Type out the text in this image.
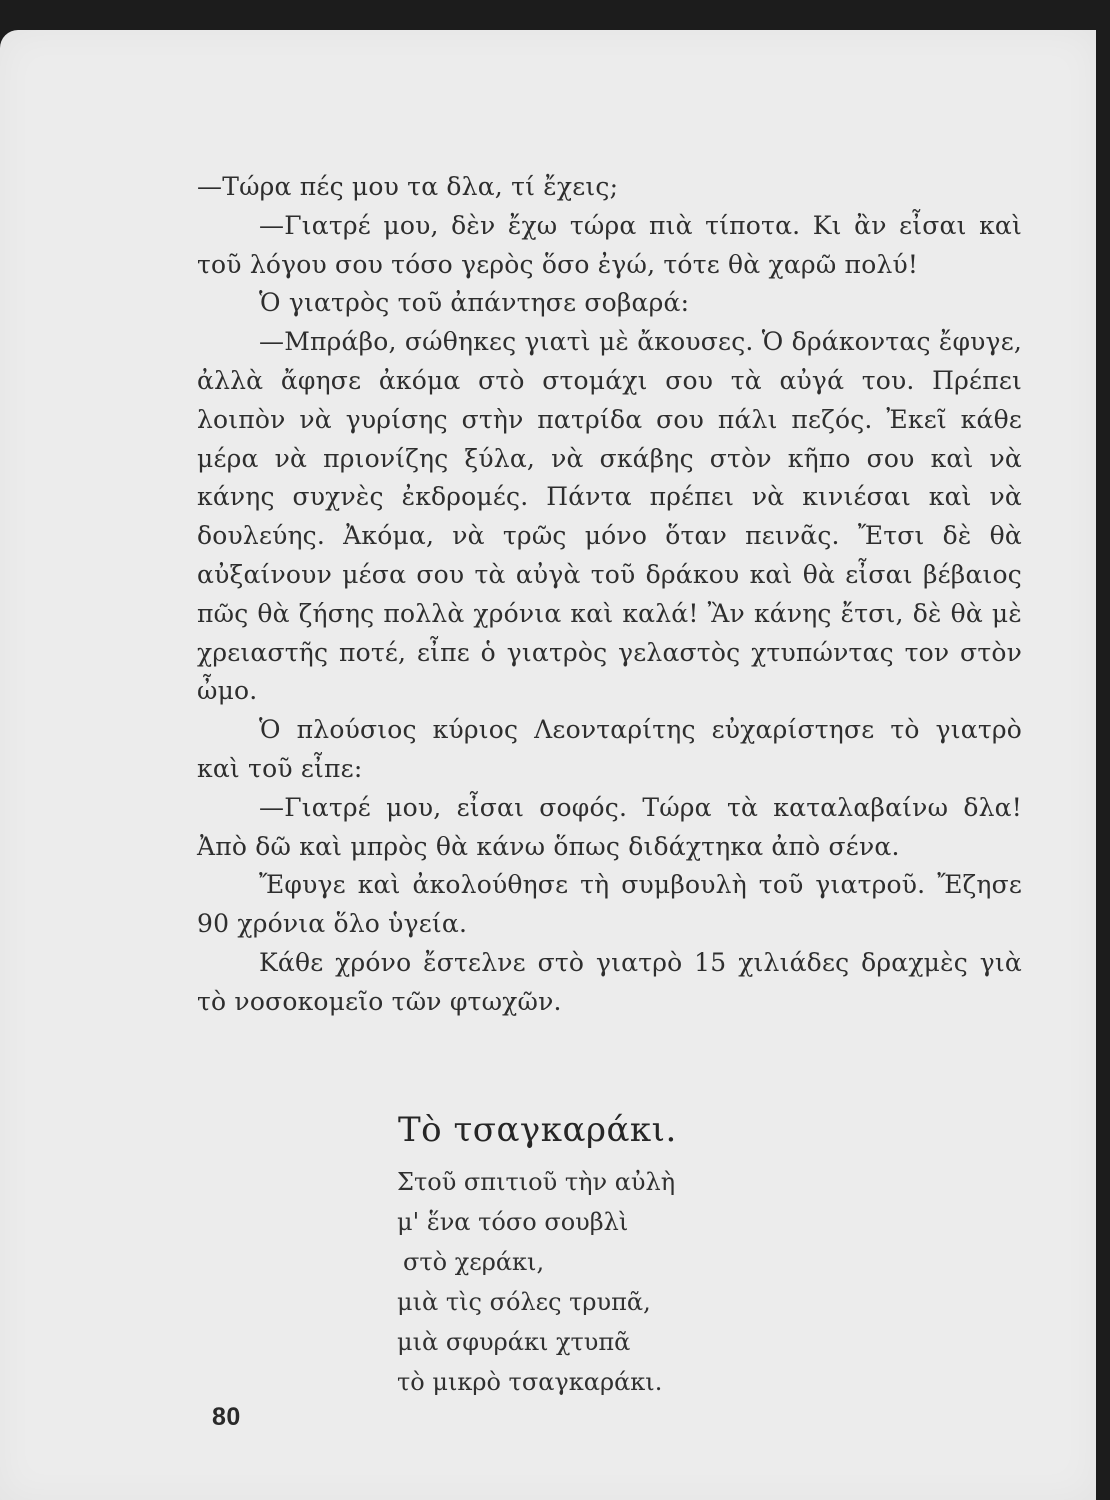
—Τώρα πές μου τα δλα, τί ἔχεις;

—Γιατρέ μου, δὲν ἔχω τώρα πιὰ τίποτα. Κι ἂν εἶσαι καὶ τοῦ λόγου σου τόσο γερὸς ὅσο ἐγώ, τότε θὰ χαρῶ πολύ!

Ὁ γιατρὸς τοῦ ἀπάντησε σοβαρά:

—Μπράβο, σώθηκες γιατὶ μὲ ἄκουσες. Ὁ δράκοντας ἔφυγε, ἀλλὰ ἄφησε ἀκόμα στὸ στομάχι σου τὰ αὐγά του. Πρέπει λοιπὸν νὰ γυρίσης στὴν πατρίδα σου πάλι πεζός. Ἐκεῖ κάθε μέρα νὰ πριονίζης ξύλα, νὰ σκάβης στὸν κῆπο σου καὶ νὰ κάνης συχνὲς ἐκδρομές. Πάντα πρέπει νὰ κινιέσαι καὶ νὰ δουλεύης. Ἀκόμα, νὰ τρῶς μόνο ὅταν πεινᾶς. Ἔτσι δὲ θὰ αὐξαίνουν μέσα σου τὰ αὐγὰ τοῦ δράκου καὶ θὰ εἶσαι βέβαιος πῶς θὰ ζήσης πολλὰ χρόνια καὶ καλά! Ἂν κάνης ἔτσι, δὲ θὰ μὲ χρειαστῆς ποτέ, εἶπε ὁ γιατρὸς γελαστὸς χτυπώντας τον στὸν ὦμο.

Ὁ πλούσιος κύριος Λεονταρίτης εὐχαρίστησε τὸ γιατρὸ καὶ τοῦ εἶπε:

—Γιατρέ μου, εἶσαι σοφός. Τώρα τὰ καταλαβαίνω δλα! Ἀπὸ δῶ καὶ μπρὸς θὰ κάνω ὅπως διδάχτηκα ἀπὸ σένα.

Ἔφυγε καὶ ἀκολούθησε τὴ συμβουλὴ τοῦ γιατροῦ. Ἔζησε 90 χρόνια ὅλο ὑγεία.

Κάθε χρόνο ἔστελνε στὸ γιατρὸ 15 χιλιάδες δραχμὲς γιὰ τὸ νοσοκομεῖο τῶν φτωχῶν.

Τὸ τσαγκαράκι.
Στοῦ σπιτιοῦ τὴν αὐλὴ
μ' ἕνα τόσο σουβλὶ
στὸ χεράκι,
μιὰ τὶς σόλες τρυπᾶ,
μιὰ σφυράκι χτυπᾶ
τὸ μικρὸ τσαγκαράκι.
80
